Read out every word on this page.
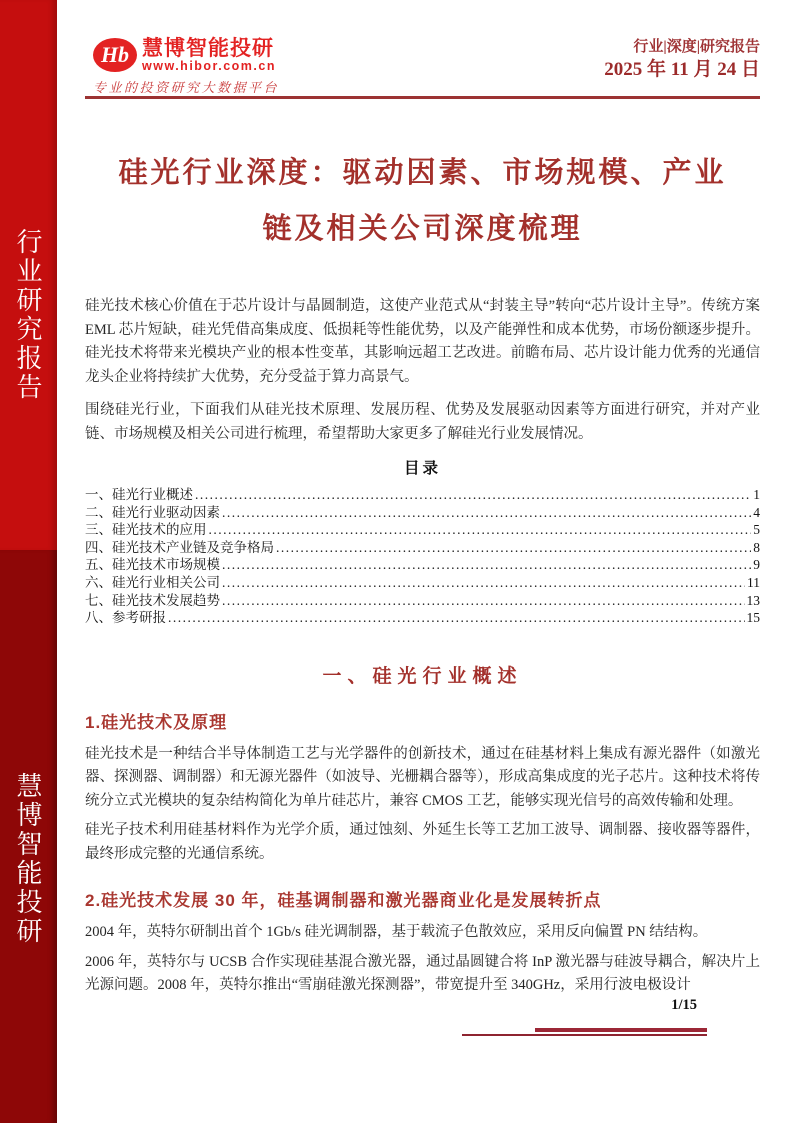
行业研究报告
慧博智能投研
Hb 慧博智能投研
www.hibor.com.cn
专业的投资研究大数据平台
行业|深度|研究报告
2025 年 11 月 24 日
硅光行业深度：驱动因素、市场规模、产业链及相关公司深度梳理

硅光技术核心价值在于芯片设计与晶圆制造，这使产业范式从“封装主导”转向“芯片设计主导”。传统方案 EML 芯片短缺，硅光凭借高集成度、低损耗等性能优势，以及产能弹性和成本优势，市场份额逐步提升。硅光技术将带来光模块产业的根本性变革，其影响远超工艺改进。前瞻布局、芯片设计能力优秀的光通信龙头企业将持续扩大优势，充分受益于算力高景气。

围绕硅光行业，下面我们从硅光技术原理、发展历程、优势及发展驱动因素等方面进行研究，并对产业链、市场规模及相关公司进行梳理，希望帮助大家更多了解硅光行业发展情况。

目录
一、硅光行业概述 .....	1
二、硅光行业驱动因素 .....	4
三、硅光技术的应用 .....	5
四、硅光技术产业链及竞争格局 .....	8
五、硅光技术市场规模 .....	9
六、硅光行业相关公司 .....	11
七、硅光技术发展趋势 .....	13
八、参考研报 .....	15
一、硅光行业概述
1.硅光技术及原理

硅光技术是一种结合半导体制造工艺与光学器件的创新技术，通过在硅基材料上集成有源光器件（如激光器、探测器、调制器）和无源光器件（如波导、光栅耦合器等），形成高集成度的光子芯片。这种技术将传统分立式光模块的复杂结构简化为单片硅芯片，兼容 CMOS 工艺，能够实现光信号的高效传输和处理。

硅光子技术利用硅基材料作为光学介质，通过蚀刻、外延生长等工艺加工波导、调制器、接收器等器件，最终形成完整的光通信系统。

2.硅光技术发展 30 年，硅基调制器和激光器商业化是发展转折点

2004 年，英特尔研制出首个 1Gb/s 硅光调制器，基于载流子色散效应，采用反向偏置 PN 结结构。

2006 年，英特尔与 UCSB 合作实现硅基混合激光器，通过晶圆键合将 InP 激光器与硅波导耦合，解决片上光源问题。2008 年，英特尔推出“雪崩硅激光探测器”，带宽提升至 340GHz，采用行波电极设计

1/15
